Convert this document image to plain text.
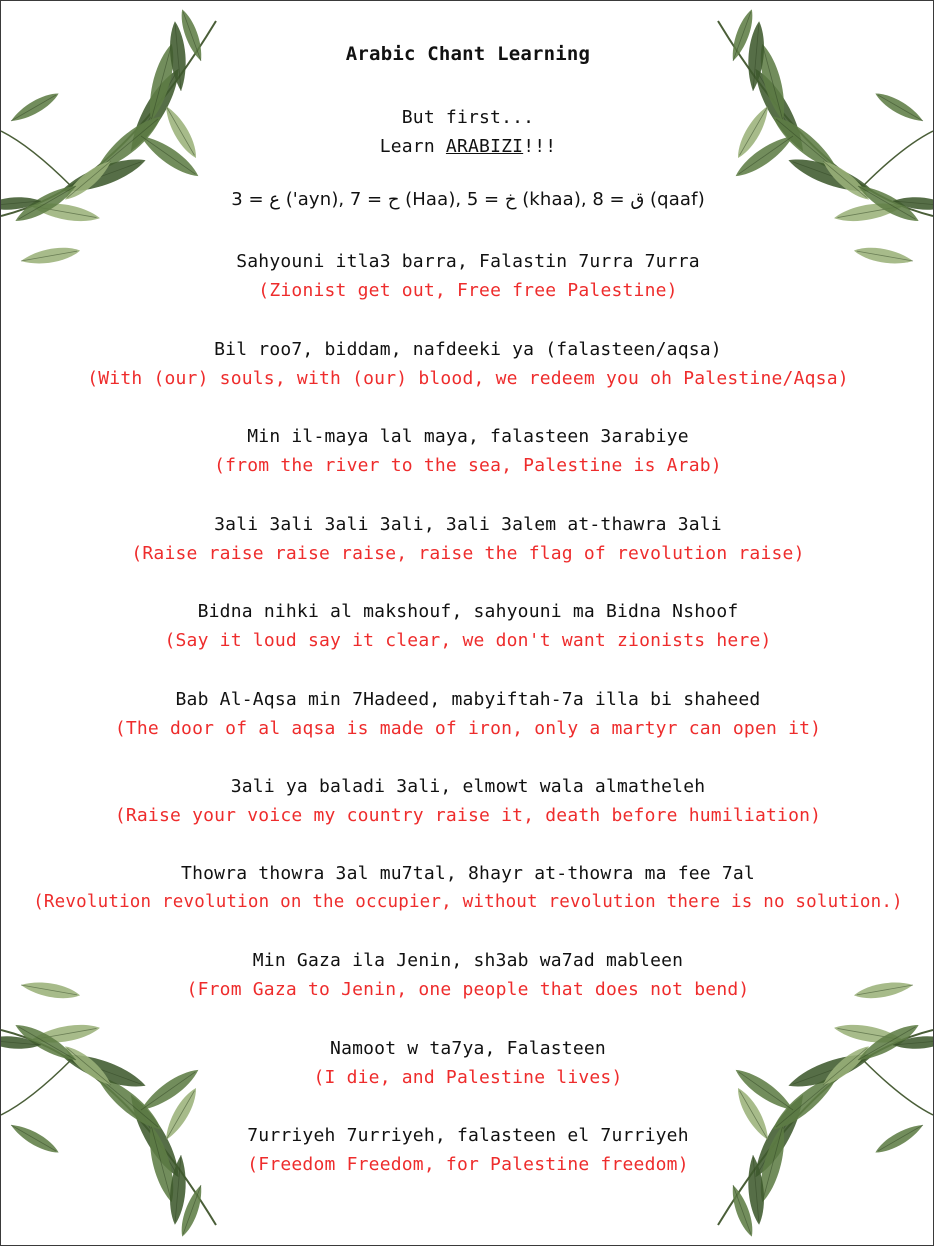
Arabic Chant Learning
But first...
Learn ARABIZI!!!
3 = ع ('ayn), 7 = ح (Haa), 5 = خ (khaa), 8 = ق (qaaf)
Sahyouni itla3 barra, Falastin 7urra 7urra
(Zionist get out, Free free Palestine)
Bil roo7, biddam, nafdeeki ya (falasteen/aqsa)
(With (our) souls, with (our) blood, we redeem you oh Palestine/Aqsa)
Min il-maya lal maya, falasteen 3arabiye
(from the river to the sea, Palestine is Arab)
3ali 3ali 3ali 3ali, 3ali 3alem at-thawra 3ali
(Raise raise raise raise, raise the flag of revolution raise)
Bidna nihki al makshouf, sahyouni ma Bidna Nshoof
(Say it loud say it clear, we don't want zionists here)
Bab Al-Aqsa min 7Hadeed, mabyiftah-7a illa bi shaheed
(The door of al aqsa is made of iron, only a martyr can open it)
3ali ya baladi 3ali, elmowt wala almatheleh
(Raise your voice my country raise it, death before humiliation)
Thowra thowra 3al mu7tal, 8hayr at-thowra ma fee 7al
(Revolution revolution on the occupier, without revolution there is no solution.)
Min Gaza ila Jenin, sh3ab wa7ad mableen
(From Gaza to Jenin, one people that does not bend)
Namoot w ta7ya, Falasteen
(I die, and Palestine lives)
7urriyeh 7urriyeh, falasteen el 7urriyeh
(Freedom Freedom, for Palestine freedom)
